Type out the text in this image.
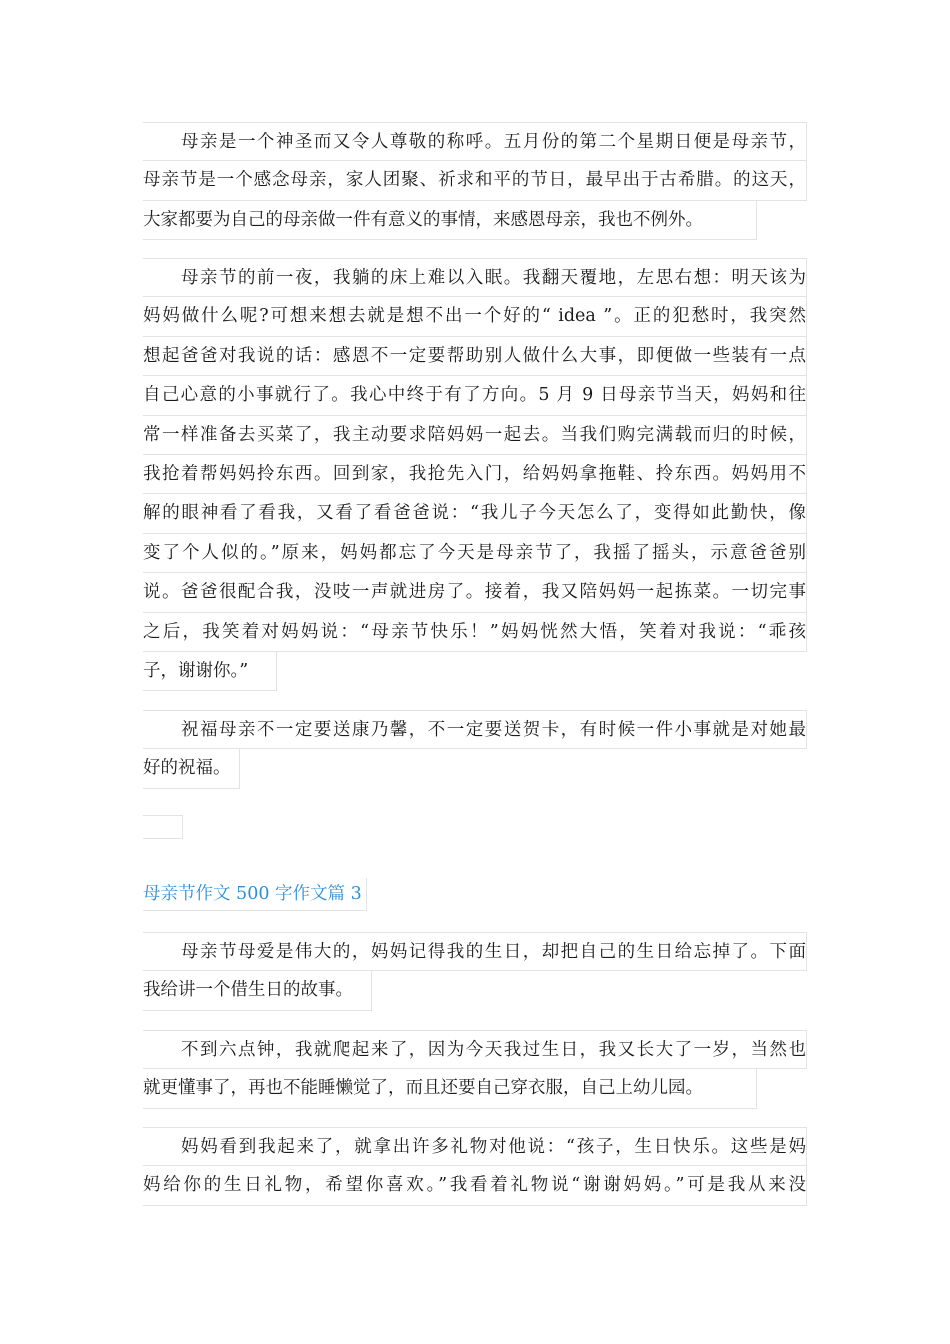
母亲是一个神圣而又令人尊敬的称呼。五月份的第二个星期日便是母亲节，
母亲节是一个感念母亲，家人团聚、祈求和平的节日，最早出于古希腊。的这天，
大家都要为自己的母亲做一件有意义的事情，来感恩母亲，我也不例外。
母亲节的前一夜，我躺的床上难以入眠。我翻天覆地，左思右想：明天该为
妈妈做什么呢?可想来想去就是想不出一个好的“ idea ”。正的犯愁时，我突然
想起爸爸对我说的话：感恩不一定要帮助别人做什么大事，即便做一些装有一点
自己心意的小事就行了。我心中终于有了方向。5 月 9 日母亲节当天，妈妈和往
常一样准备去买菜了，我主动要求陪妈妈一起去。当我们购完满载而归的时候，
我抢着帮妈妈拎东西。回到家，我抢先入门，给妈妈拿拖鞋、拎东西。妈妈用不
解的眼神看了看我，又看了看爸爸说：“我儿子今天怎么了，变得如此勤快，像
变了个人似的。”原来，妈妈都忘了今天是母亲节了，我摇了摇头，示意爸爸别
说。爸爸很配合我，没吱一声就进房了。接着，我又陪妈妈一起拣菜。一切完事
之后，我笑着对妈妈说：“母亲节快乐！”妈妈恍然大悟，笑着对我说：“乖孩
子，谢谢你。”
祝福母亲不一定要送康乃馨，不一定要送贺卡，有时候一件小事就是对她最
好的祝福。
母亲节作文 500 字作文篇 3
母亲节母爱是伟大的，妈妈记得我的生日，却把自己的生日给忘掉了。下面
我给讲一个借生日的故事。
不到六点钟，我就爬起来了，因为今天我过生日，我又长大了一岁，当然也
就更懂事了，再也不能睡懒觉了，而且还要自己穿衣服，自己上幼儿园。
妈妈看到我起来了，就拿出许多礼物对他说：“孩子，生日快乐。这些是妈
妈给你的生日礼物，希望你喜欢。”我看着礼物说“谢谢妈妈。”可是我从来没
